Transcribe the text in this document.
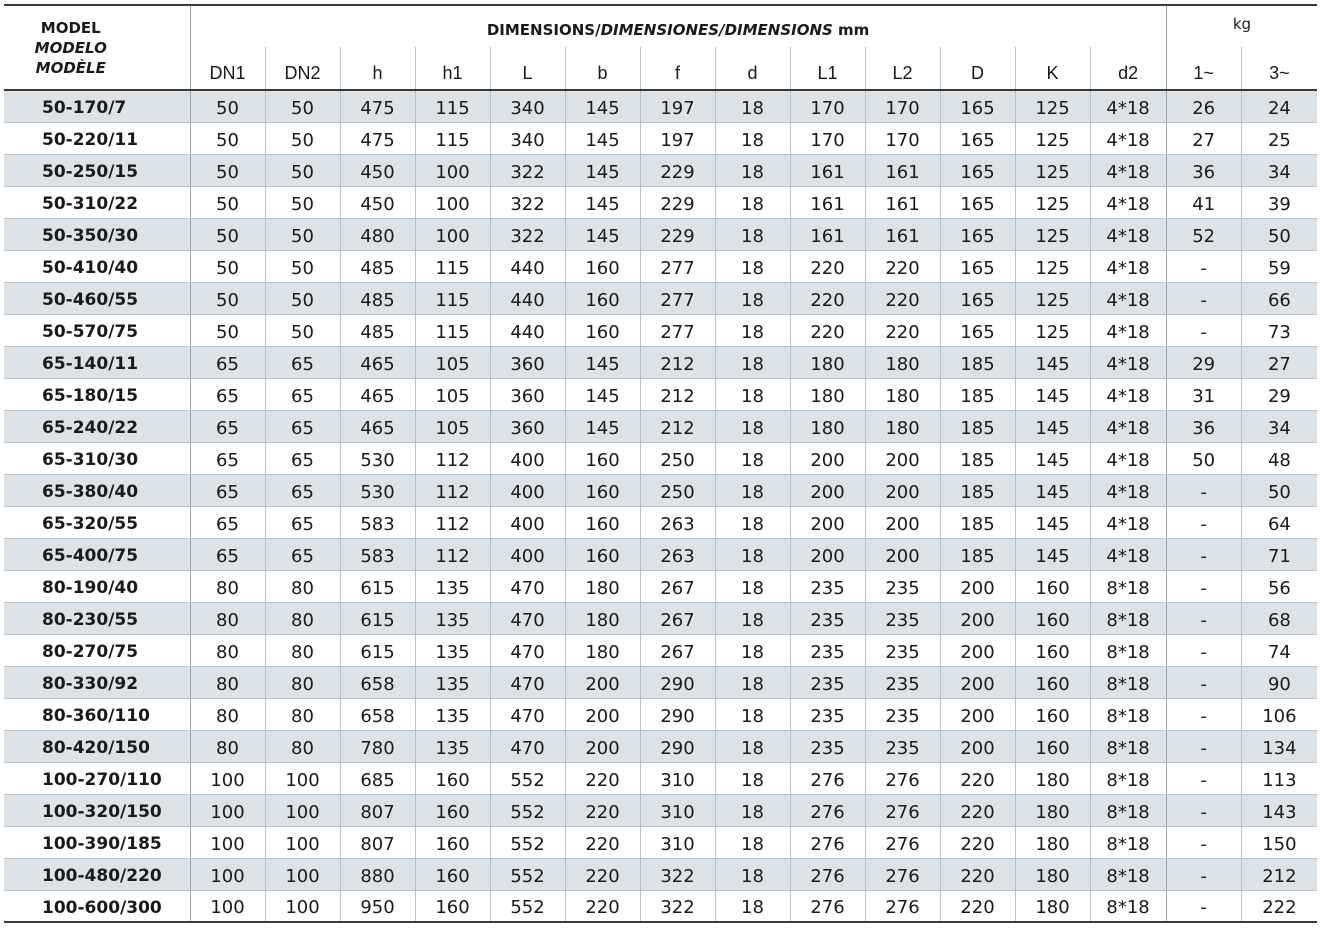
MODEL
MODELO
MODÈLE	DIMENSIONS/DIMENSIONES/DIMENSIONS mm													kg	
	DN1	DN2	h	h1	L	b	f	d	L1	L2	D	K	d2	1~	3~
50-170/7	50	50	475	115	340	145	197	18	170	170	165	125	4*18	26	24
50-220/11	50	50	475	115	340	145	197	18	170	170	165	125	4*18	27	25
50-250/15	50	50	450	100	322	145	229	18	161	161	165	125	4*18	36	34
50-310/22	50	50	450	100	322	145	229	18	161	161	165	125	4*18	41	39
50-350/30	50	50	480	100	322	145	229	18	161	161	165	125	4*18	52	50
50-410/40	50	50	485	115	440	160	277	18	220	220	165	125	4*18	-	59
50-460/55	50	50	485	115	440	160	277	18	220	220	165	125	4*18	-	66
50-570/75	50	50	485	115	440	160	277	18	220	220	165	125	4*18	-	73
65-140/11	65	65	465	105	360	145	212	18	180	180	185	145	4*18	29	27
65-180/15	65	65	465	105	360	145	212	18	180	180	185	145	4*18	31	29
65-240/22	65	65	465	105	360	145	212	18	180	180	185	145	4*18	36	34
65-310/30	65	65	530	112	400	160	250	18	200	200	185	145	4*18	50	48
65-380/40	65	65	530	112	400	160	250	18	200	200	185	145	4*18	-	50
65-320/55	65	65	583	112	400	160	263	18	200	200	185	145	4*18	-	64
65-400/75	65	65	583	112	400	160	263	18	200	200	185	145	4*18	-	71
80-190/40	80	80	615	135	470	180	267	18	235	235	200	160	8*18	-	56
80-230/55	80	80	615	135	470	180	267	18	235	235	200	160	8*18	-	68
80-270/75	80	80	615	135	470	180	267	18	235	235	200	160	8*18	-	74
80-330/92	80	80	658	135	470	200	290	18	235	235	200	160	8*18	-	90
80-360/110	80	80	658	135	470	200	290	18	235	235	200	160	8*18	-	106
80-420/150	80	80	780	135	470	200	290	18	235	235	200	160	8*18	-	134
100-270/110	100	100	685	160	552	220	310	18	276	276	220	180	8*18	-	113
100-320/150	100	100	807	160	552	220	310	18	276	276	220	180	8*18	-	143
100-390/185	100	100	807	160	552	220	310	18	276	276	220	180	8*18	-	150
100-480/220	100	100	880	160	552	220	322	18	276	276	220	180	8*18	-	212
100-600/300	100	100	950	160	552	220	322	18	276	276	220	180	8*18	-	222
